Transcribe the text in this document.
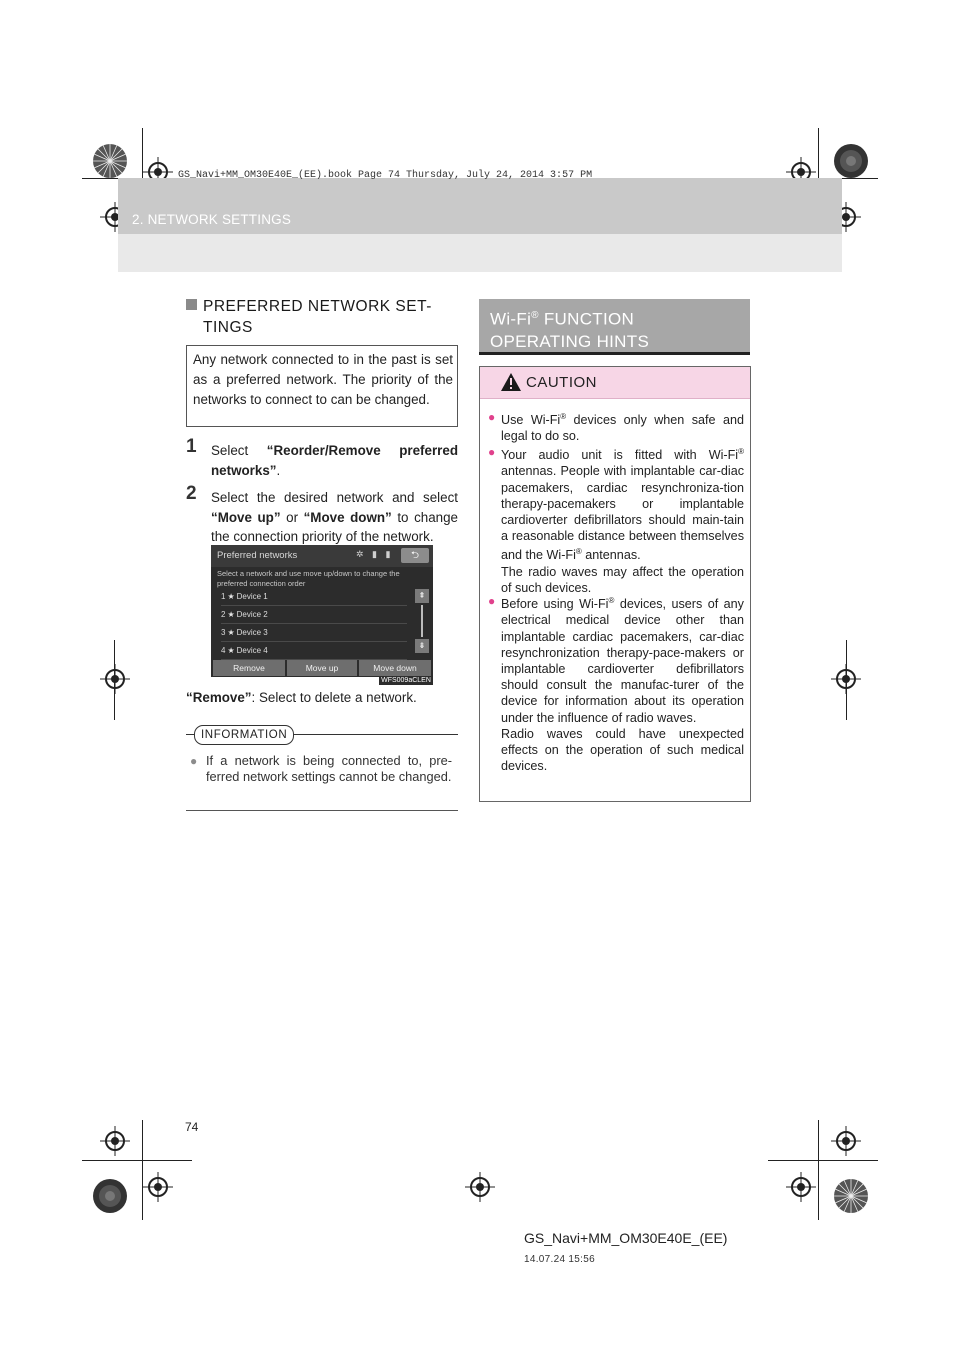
2. NETWORK SETTINGS
GS_Navi+MM_OM30E40E_(EE).book Page 74 Thursday, July 24, 2014 3:57 PM
PREFERRED NETWORK SET-
TINGS

Any network connected to in the past is set as a preferred network. The priority of the networks to connect to can be changed.

1 Select “Reorder/Remove preferred networks”.
2 Select the desired network and select “Move up” or “Move down” to change the connection priority of the network.
Preferred networks	✲ ▮ ▮	⮌
Select a network and use move up/down to change the preferred connection order
1 ★ Device 1
2 ★ Device 2
3 ★ Device 3
4 ★ Device 4
⇞
⇟
Remove	Move up	Move down
WFS009aCLEN
“Remove”: Select to delete a network.
INFORMATION
● If a network is being connected to, pre-ferred network settings cannot be changed.
Wi-Fi® FUNCTION
OPERATING HINTS
CAUTION
● Use Wi-Fi® devices only when safe and legal to do so.
● Your audio unit is fitted with Wi-Fi® antennas. People with implantable car-diac pacemakers, cardiac resynchroniza-tion therapy-pacemakers or implantable cardioverter defibrillators should main-tain a reasonable distance between themselves and the Wi-Fi® antennas.
The radio waves may affect the operation of such devices.
● Before using Wi-Fi® devices, users of any electrical medical device other than implantable cardiac pacemakers, car-diac resynchronization therapy-pace-makers or implantable cardioverter defibrillators should consult the manufac-turer of the device for information about its operation under the influence of radio waves.
Radio waves could have unexpected effects on the operation of such medical devices.
74
GS_Navi+MM_OM30E40E_(EE)
14.07.24 15:56
